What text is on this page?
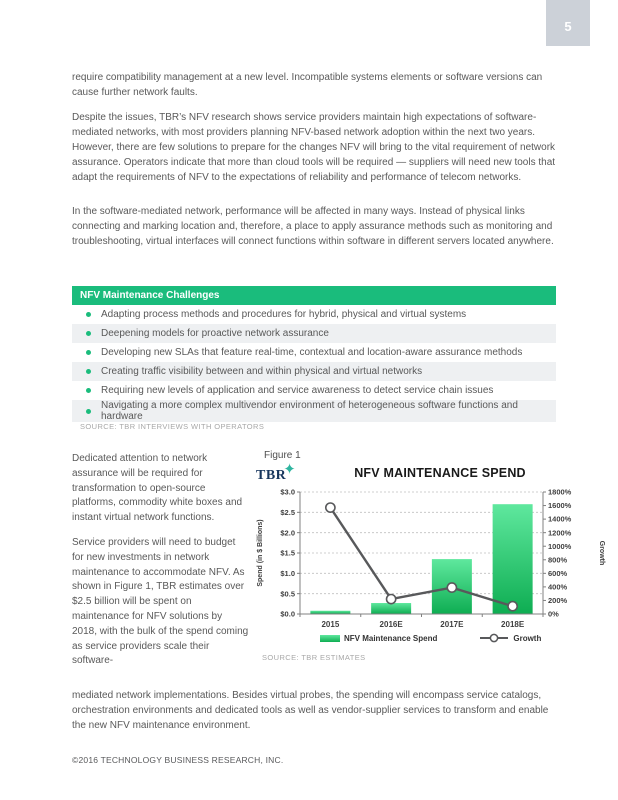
5
require compatibility management at a new level. Incompatible systems elements or software versions can cause further network faults.
Despite the issues, TBR’s NFV research shows service providers maintain high expectations of software-mediated networks, with most providers planning NFV-based network adoption within the next two years. However, there are few solutions to prepare for the changes NFV will bring to the vital requirement of network assurance. Operators indicate that more than cloud tools will be required — suppliers will need new tools that adapt the requirements of NFV to the expectations of reliability and performance of telecom networks.
In the software-mediated network, performance will be affected in many ways. Instead of physical links connecting and marking location and, therefore, a place to apply assurance methods such as monitoring and troubleshooting, virtual interfaces will connect functions within software in different servers located anywhere.
NFV Maintenance Challenges
Adapting process methods and procedures for hybrid, physical and virtual systems
Deepening models for proactive network assurance
Developing new SLAs that feature real-time, contextual and location-aware assurance methods
Creating traffic visibility between and within physical and virtual networks
Requiring new levels of application and service awareness to detect service chain issues
Navigating a more complex multivendor environment of heterogeneous software functions and hardware
SOURCE: TBR INTERVIEWS WITH OPERATORS

Dedicated attention to network assurance will be required for transformation to open-source platforms, commodity white boxes and instant virtual network functions.

Service providers will need to budget for new investments in network maintenance to accommodate NFV. As shown in Figure 1, TBR estimates over $2.5 billion will be spent on maintenance for NFV solutions by 2018, with the bulk of the spend coming as service providers scale their software-

Figure 1
TBR
✦	NFV MAINTENANCE SPEND
$3.0
$2.5
$2.0
$1.5
$1.0
$0.5
$0.0
1800%
1600%
1400%
1200%
1000%
800%
600%
400%
200%
0%
2015	2016E	2017E	2018E
Spend (in $ Billions)	Growth
NFV Maintenance Spend	Growth
SOURCE: TBR ESTIMATES
mediated network implementations. Besides virtual probes, the spending will encompass service catalogs, orchestration environments and dedicated tools as well as vendor-supplier services to transform and enable the new NFV maintenance environment.
©2016 TECHNOLOGY BUSINESS RESEARCH, INC.
